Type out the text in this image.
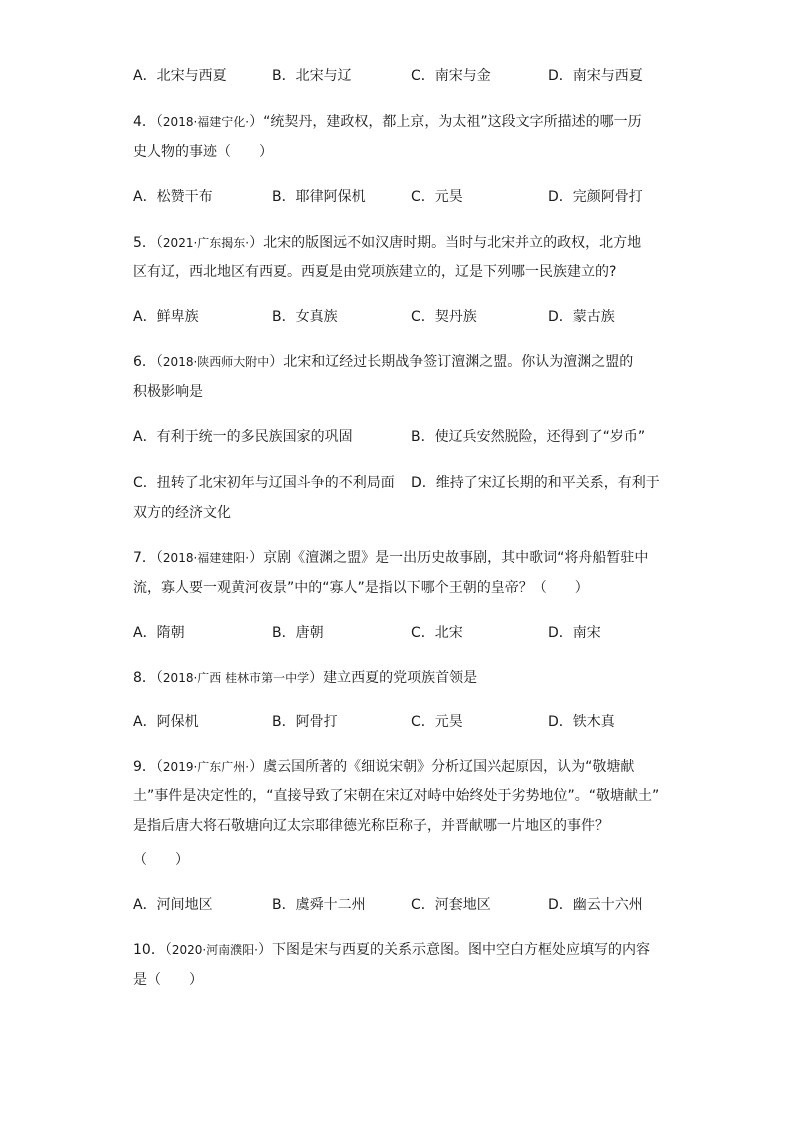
A．北宋与西夏	B．北宋与辽	C．南宋与金	D．南宋与西夏
4．（2018·福建宁化·）“统契丹，建政权，都上京，为太祖”这段文字所描述的哪一历
史人物的事迹（　　）
A．松赞干布	B．耶律阿保机	C．元昊	D．完颜阿骨打
5．（2021·广东揭东·）北宋的版图远不如汉唐时期。当时与北宋并立的政权，北方地
区有辽，西北地区有西夏。西夏是由党项族建立的，辽是下列哪一民族建立的?
A．鲜卑族	B．女真族	C．契丹族	D．蒙古族
6．（2018·陕西师大附中）北宋和辽经过长期战争签订澶渊之盟。你认为澶渊之盟的
积极影响是
A．有利于统一的多民族国家的巩固	B．使辽兵安然脱险，还得到了“岁币”
C．扭转了北宋初年与辽国斗争的不利局面 D．维持了宋辽长期的和平关系，有利于
双方的经济文化
7．（2018·福建建阳·）京剧《澶渊之盟》是一出历史故事剧，其中歌词“将舟船暂驻中
流，寡人要一观黄河夜景”中的“寡人”是指以下哪个王朝的皇帝？（　　）
A．隋朝	B．唐朝	C．北宋	D．南宋
8．（2018·广西 桂林市第一中学）建立西夏的党项族首领是
A．阿保机	B．阿骨打	C．元昊	D．铁木真
9．（2019·广东广州·）虞云国所著的《细说宋朝》分析辽国兴起原因，认为“敬塘献
土”事件是决定性的，“直接导致了宋朝在宋辽对峙中始终处于劣势地位”。“敬塘献土”
是指后唐大将石敬塘向辽太宗耶律德光称臣称子，并晋献哪一片地区的事件？
（　　）
A．河间地区	B．虞舜十二州	C．河套地区	D．幽云十六州
10．（2020·河南濮阳·）下图是宋与西夏的关系示意图。图中空白方框处应填写的内容
是（　　）
